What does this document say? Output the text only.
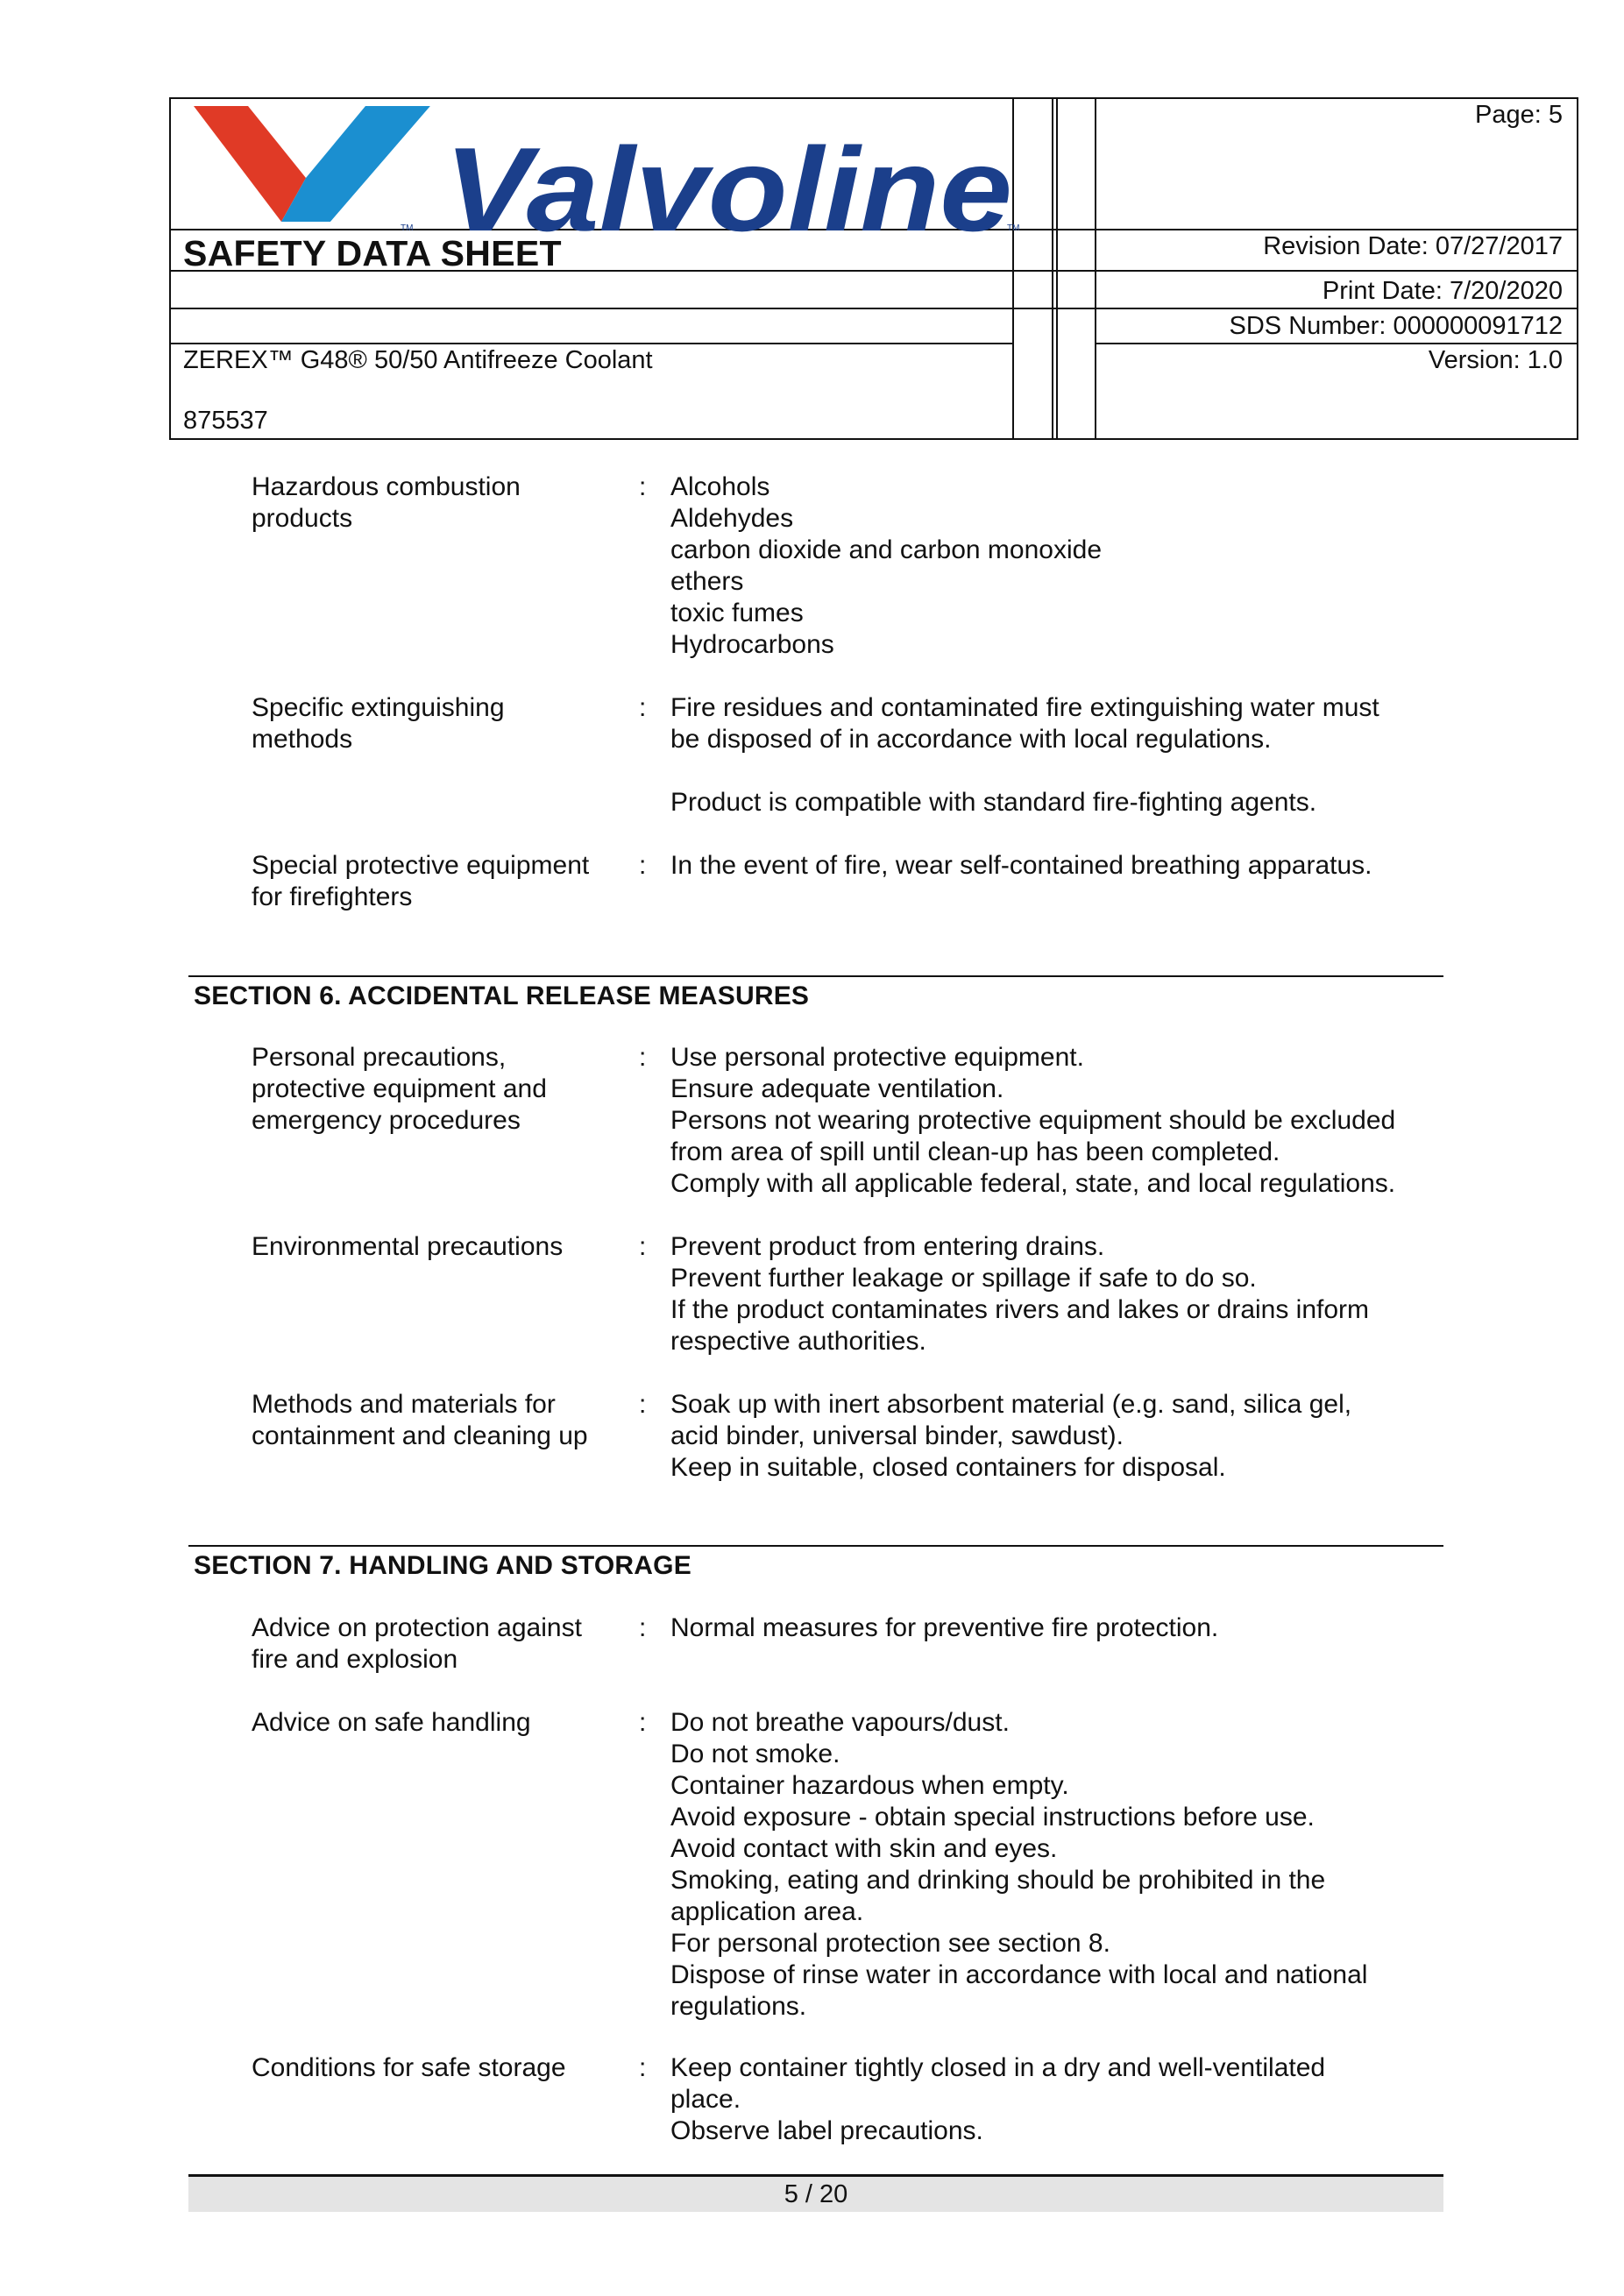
Valvoline
TM	TM
SAFETY DATA SHEET
Page: 5
Revision Date: 07/27/2017
Print Date: 7/20/2020
SDS Number: 000000091712
Version: 1.0
ZEREX™ G48® 50/50 Antifreeze Coolant
875537
Hazardous combustion
products
: Alcohols
Aldehydes
carbon dioxide and carbon monoxide
ethers
toxic fumes
Hydrocarbons
Specific extinguishing
methods
: Fire residues and contaminated fire extinguishing water must
be disposed of in accordance with local regulations.
Product is compatible with standard fire-fighting agents.
Special protective equipment
for firefighters
: In the event of fire, wear self-contained breathing apparatus.
SECTION 6. ACCIDENTAL RELEASE MEASURES
Personal precautions,
protective equipment and
emergency procedures
: Use personal protective equipment.
Ensure adequate ventilation.
Persons not wearing protective equipment should be excluded
from area of spill until clean-up has been completed.
Comply with all applicable federal, state, and local regulations.
Environmental precautions	: Prevent product from entering drains.
Prevent further leakage or spillage if safe to do so.
If the product contaminates rivers and lakes or drains inform
respective authorities.
Methods and materials for
containment and cleaning up
: Soak up with inert absorbent material (e.g. sand, silica gel,
acid binder, universal binder, sawdust).
Keep in suitable, closed containers for disposal.
SECTION 7. HANDLING AND STORAGE
Advice on protection against
fire and explosion
: Normal measures for preventive fire protection.
Advice on safe handling	: Do not breathe vapours/dust.
Do not smoke.
Container hazardous when empty.
Avoid exposure - obtain special instructions before use.
Avoid contact with skin and eyes.
Smoking, eating and drinking should be prohibited in the
application area.
For personal protection see section 8.
Dispose of rinse water in accordance with local and national
regulations.
Conditions for safe storage	: Keep container tightly closed in a dry and well-ventilated
place.
Observe label precautions.
5 / 20
